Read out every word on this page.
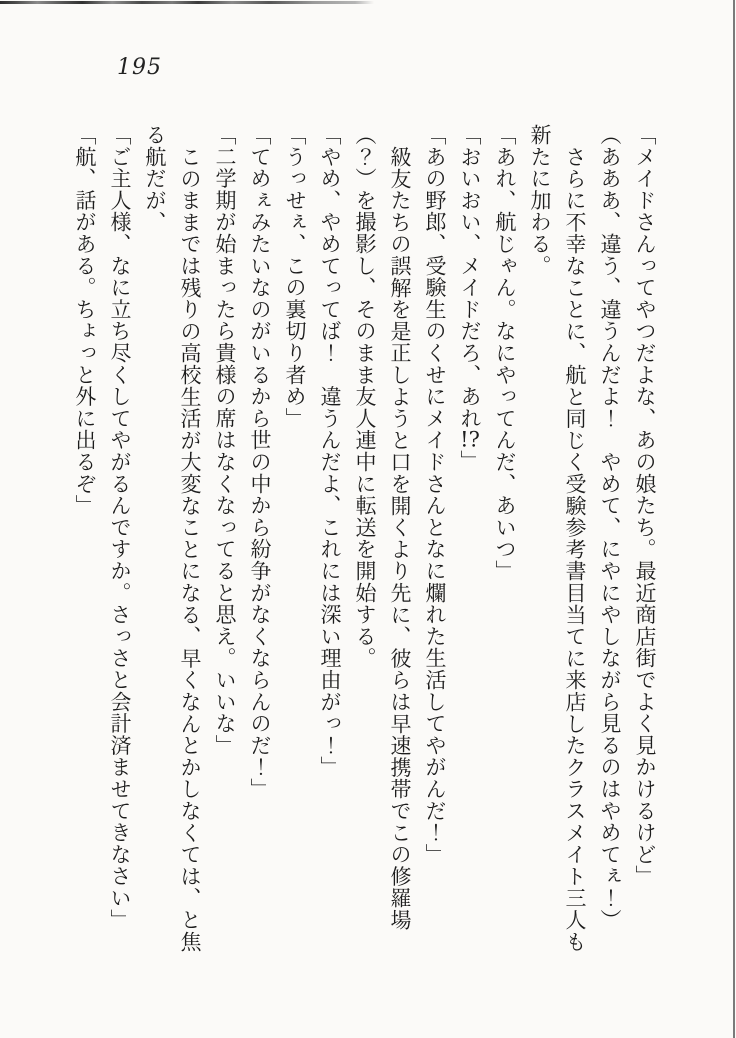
195

「メイドさんってやつだよな、あの娘たち。最近商店街でよく見かけるけど」

（あああ、違う、違うんだよ！　やめて、にやにやしながら見るのはやめてぇ！）

さらに不幸なことに、航と同じく受験参考書目当てに来店したクラスメイト三人も

新たに加わる。

「あれ、航じゃん。なにやってんだ、あいつ」

「おいおい、メイドだろ、あれ!?」

「あの野郎、受験生のくせにメイドさんとなに爛れた生活してやがんだ！」

級友たちの誤解を是正しようと口を開くより先に、彼らは早速携帯でこの修羅場

（？）を撮影し、そのまま友人連中に転送を開始する。

「やめ、やめてってば！　違うんだよ、これには深い理由がっ！」

「うっせぇ、この裏切り者め」

「てめぇみたいなのがいるから世の中から紛争がなくならんのだ！」

「二学期が始まったら貴様の席はなくなってると思え。いいな」

このままでは残りの高校生活が大変なことになる、早くなんとかしなくては、と焦

る航だが、

「ご主人様、なに立ち尽くしてやがるんですか。さっさと会計済ませてきなさい」

「航、話がある。ちょっと外に出るぞ」
